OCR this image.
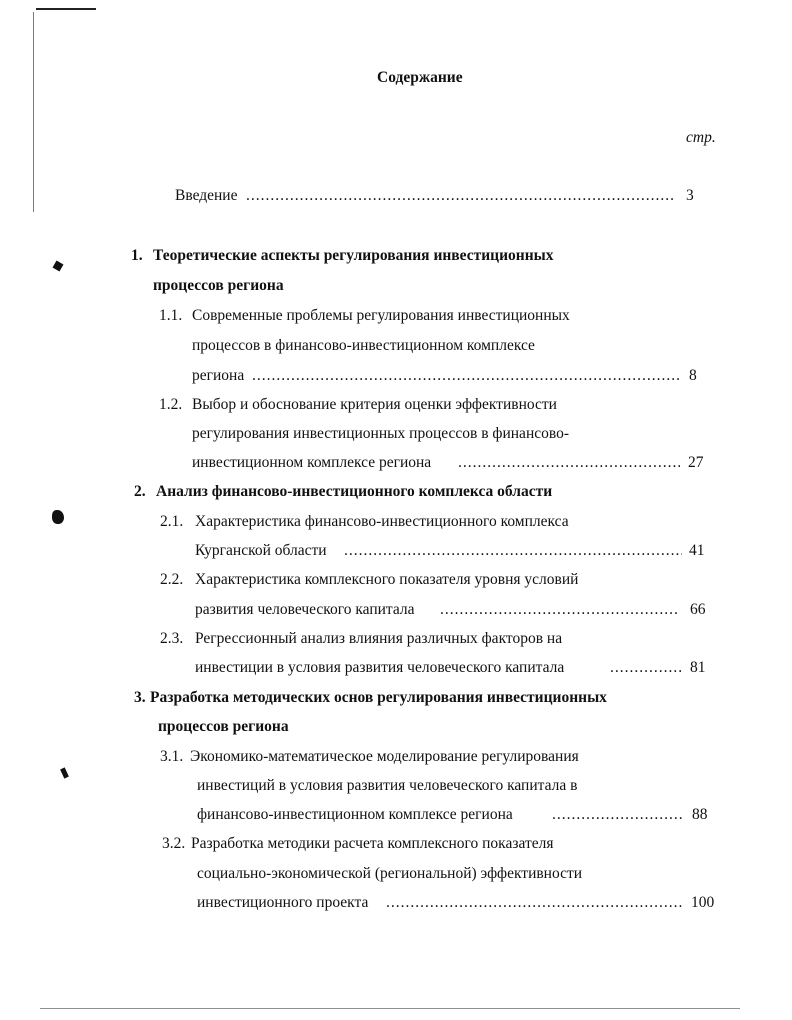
Содержание
стр.
Введение .....	3
1. Теоретические аспекты регулирования инвестиционных
процессов региона
1.1. Современные проблемы регулирования инвестиционных
процессов в финансово-инвестиционном комплексе
региона .....	8
1.2. Выбор и обоснование критерия оценки эффективности
регулирования инвестиционных процессов в финансово-
инвестиционном комплексе региона .....	27
2. Анализ финансово-инвестиционного комплекса области
2.1. Характеристика финансово-инвестиционного комплекса
Курганской области .....	41
2.2. Характеристика комплексного показателя уровня условий
развития человеческого капитала .....	66
2.3. Регрессионный анализ влияния различных факторов на
инвестиции в условия развития человеческого капитала .....	81
3. Разработка методических основ регулирования инвестиционных
процессов региона
3.1. Экономико-математическое моделирование регулирования
инвестиций в условия развития человеческого капитала в
финансово-инвестиционном комплексе региона .....	88
3.2. Разработка методики расчета комплексного показателя
социально-экономической (региональной) эффективности
инвестиционного проекта .....	100
